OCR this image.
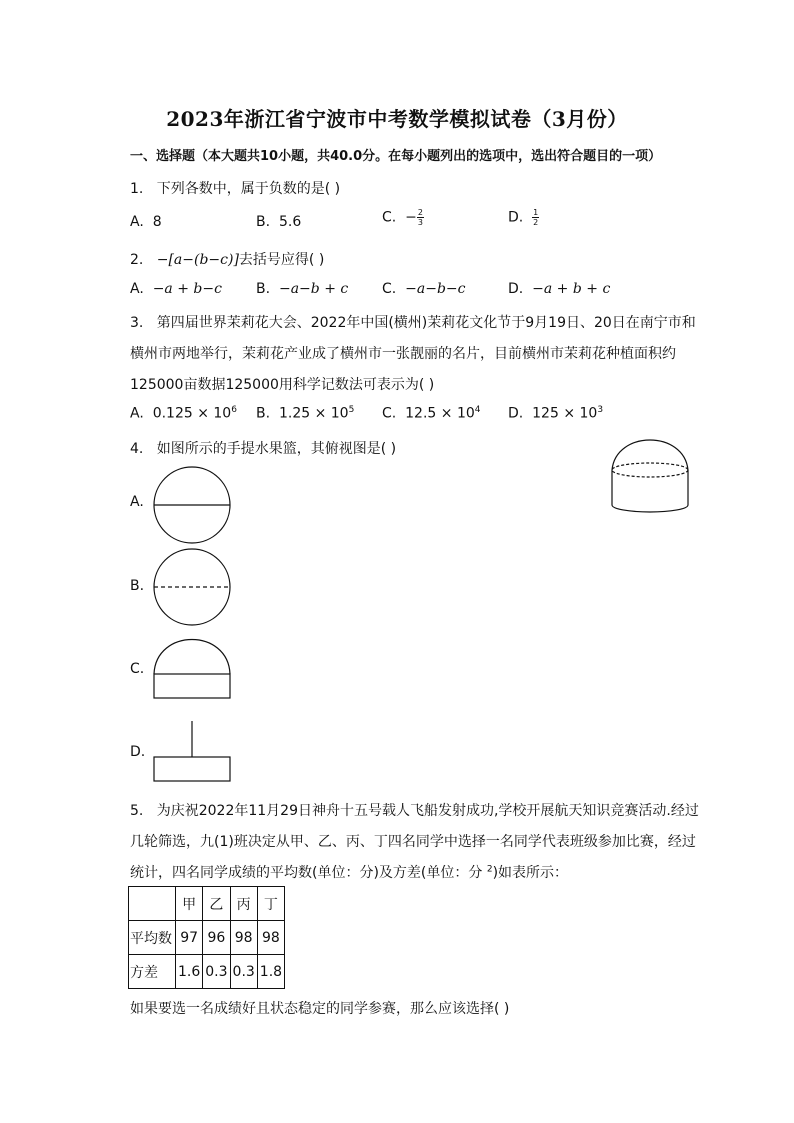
2023年浙江省宁波市中考数学模拟试卷（3月份）
一、选择题（本大题共10小题，共40.0分。在每小题列出的选项中，选出符合题目的一项）
1. 下列各数中，属于负数的是( )
A. 8	B. 5.6	C. − $\frac{2}{3}$	D. $\frac{1}{2}$
2. −[a−(b−c)]去括号应得( )
A. −a + b−c B. −a−b + c C. −a−b−c	D. −a + b + c
3. 第四届世界茉莉花大会、2022年中国(横州)茉莉花文化节于9月19日、20日在南宁市和
横州市两地举行，茉莉花产业成了横州市一张靓丽的名片，目前横州市茉莉花种植面积约
125000亩数据125000用科学记数法可表示为( )
A. $0.125 \times 10^6$ B. $1.25 \times 10^5$ C. $12.5 \times 10^4$ D. $125 \times 10^3$
4. 如图所示的手提水果篮，其俯视图是( )
A.
B.
C.
D.
5. 为庆祝2022年11月29日神舟十五号载人飞船发射成功,学校开展航天知识竞赛活动.经过
几轮筛选，九(1)班决定从甲、乙、丙、丁四名同学中选择一名同学代表班级参加比赛，经过
统计，四名同学成绩的平均数(单位：分)及方差(单位：分 $^2$)如表所示：
	甲	乙	丙	丁
平均数	97	96	98	98
方差	1.6	0.3	0.3	1.8
如果要选一名成绩好且状态稳定的同学参赛，那么应该选择( )
